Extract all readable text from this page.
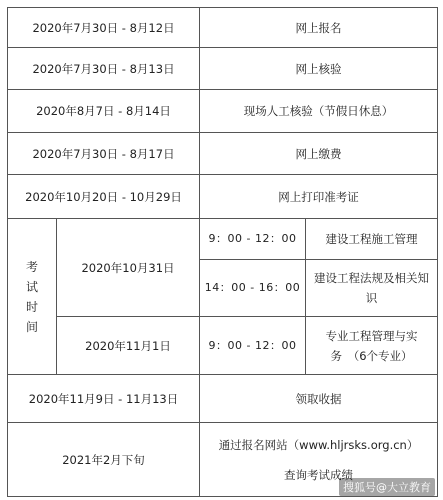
2020年7月30日 - 8月12日		网上报名	
2020年7月30日 - 8月13日		网上核验	
2020年8月7日 - 8月14日		现场人工核验（节假日休息）	
2020年7月30日 - 8月17日		网上缴费	
2020年10月20日 - 10月29日		网上打印准考证	

考
试
时
间	2020年10月31日	9：00 - 12：00	建设工程施工管理
		14：00 - 16：00	建设工程法规及相关知识
	2020年11月1日	9：00 - 12：00	专业工程管理与实
务　（6个专业）

2020年11月9日 - 11月13日		领取收据	
2021年2月下旬		通过报名网站（www.hljrsks.org.cn）
查询考试成绩	
搜狐号@大立教育
